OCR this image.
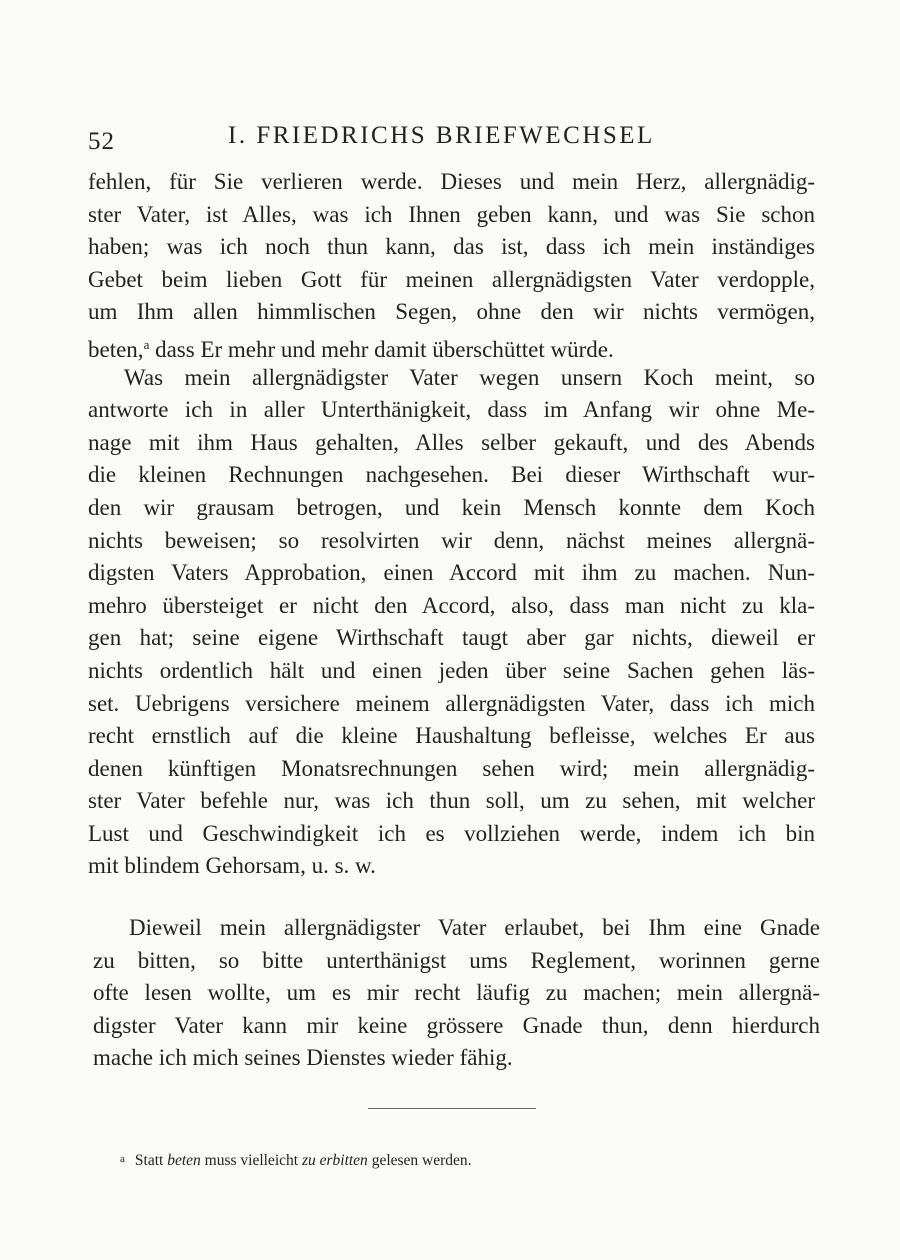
52	I. FRIEDRICHS BRIEFWECHSEL
fehlen, für Sie verlieren werde. Dieses und mein Herz, allergnädig-
ster Vater, ist Alles, was ich Ihnen geben kann, und was Sie schon
haben; was ich noch thun kann, das ist, dass ich mein inständiges
Gebet beim lieben Gott für meinen allergnädigsten Vater verdopple,
um Ihm allen himmlischen Segen, ohne den wir nichts vermögen,
beten,$^a$ dass Er mehr und mehr damit überschüttet würde.
Was mein allergnädigster Vater wegen unsern Koch meint, so
antworte ich in aller Unterthänigkeit, dass im Anfang wir ohne Me-
nage mit ihm Haus gehalten, Alles selber gekauft, und des Abends
die kleinen Rechnungen nachgesehen. Bei dieser Wirthschaft wur-
den wir grausam betrogen, und kein Mensch konnte dem Koch
nichts beweisen; so resolvirten wir denn, nächst meines allergnä-
digsten Vaters Approbation, einen Accord mit ihm zu machen. Nun-
mehro übersteiget er nicht den Accord, also, dass man nicht zu kla-
gen hat; seine eigene Wirthschaft taugt aber gar nichts, dieweil er
nichts ordentlich hält und einen jeden über seine Sachen gehen läs-
set. Uebrigens versichere meinem allergnädigsten Vater, dass ich mich
recht ernstlich auf die kleine Haushaltung befleisse, welches Er aus
denen künftigen Monatsrechnungen sehen wird; mein allergnädig-
ster Vater befehle nur, was ich thun soll, um zu sehen, mit welcher
Lust und Geschwindigkeit ich es vollziehen werde, indem ich bin
mit blindem Gehorsam, u. s. w.
Dieweil mein allergnädigster Vater erlaubet, bei Ihm eine Gnade
zu bitten, so bitte unterthänigst ums Reglement, worinnen gerne
ofte lesen wollte, um es mir recht läufig zu machen; mein allergnä-
digster Vater kann mir keine grössere Gnade thun, denn hierdurch
mache ich mich seines Dienstes wieder fähig.
a Statt beten muss vielleicht zu erbitten gelesen werden.
